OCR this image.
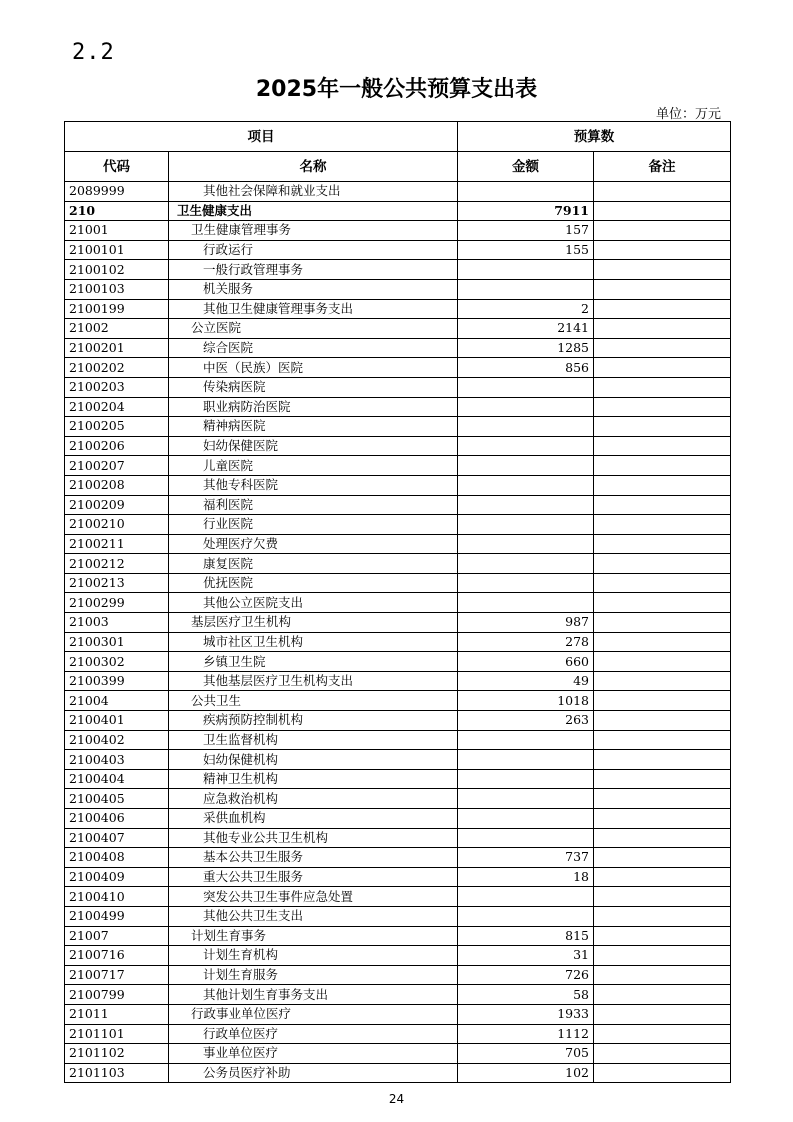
2.2
2025年一般公共预算支出表
单位：万元
项目		预算数	
代码	名称	金额	备注
2089999	其他社会保障和就业支出		
210	卫生健康支出	7911	
21001	卫生健康管理事务	157	
2100101	行政运行	155	
2100102	一般行政管理事务		
2100103	机关服务		
2100199	其他卫生健康管理事务支出	2	
21002	公立医院	2141	
2100201	综合医院	1285	
2100202	中医（民族）医院	856	
2100203	传染病医院		
2100204	职业病防治医院		
2100205	精神病医院		
2100206	妇幼保健医院		
2100207	儿童医院		
2100208	其他专科医院		
2100209	福利医院		
2100210	行业医院		
2100211	处理医疗欠费		
2100212	康复医院		
2100213	优抚医院		
2100299	其他公立医院支出		
21003	基层医疗卫生机构	987	
2100301	城市社区卫生机构	278	
2100302	乡镇卫生院	660	
2100399	其他基层医疗卫生机构支出	49	
21004	公共卫生	1018	
2100401	疾病预防控制机构	263	
2100402	卫生监督机构		
2100403	妇幼保健机构		
2100404	精神卫生机构		
2100405	应急救治机构		
2100406	采供血机构		
2100407	其他专业公共卫生机构		
2100408	基本公共卫生服务	737	
2100409	重大公共卫生服务	18	
2100410	突发公共卫生事件应急处置		
2100499	其他公共卫生支出		
21007	计划生育事务	815	
2100716	计划生育机构	31	
2100717	计划生育服务	726	
2100799	其他计划生育事务支出	58	
21011	行政事业单位医疗	1933	
2101101	行政单位医疗	1112	
2101102	事业单位医疗	705	
2101103	公务员医疗补助	102	
24
